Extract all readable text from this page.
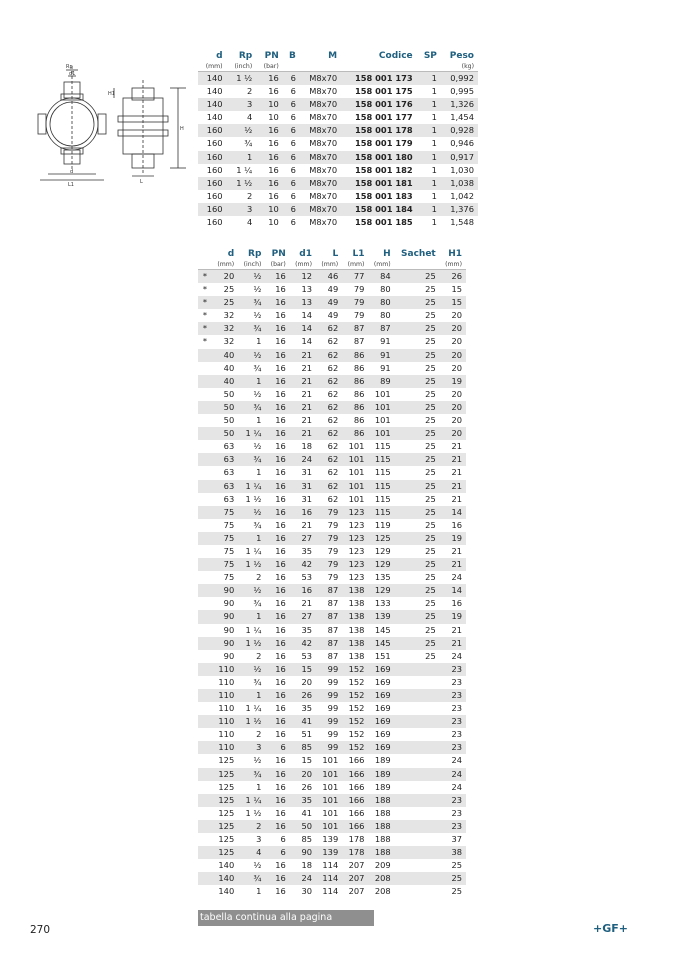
Rp
d1
H
d
L1	L
H1
d	Rp	PN	B	M	Codice	SP	Peso
(mm)	(inch)	(bar)					(kg)
140	1 ½	16	6	M8x70	158 001 173	1	0,992
140	2	16	6	M8x70	158 001 175	1	0,995
140	3	10	6	M8x70	158 001 176	1	1,326
140	4	10	6	M8x70	158 001 177	1	1,454
160	½	16	6	M8x70	158 001 178	1	0,928
160	¾	16	6	M8x70	158 001 179	1	0,946
160	1	16	6	M8x70	158 001 180	1	0,917
160	1 ¼	16	6	M8x70	158 001 182	1	1,030
160	1 ½	16	6	M8x70	158 001 181	1	1,038
160	2	16	6	M8x70	158 001 183	1	1,042
160	3	10	6	M8x70	158 001 184	1	1,376
160	4	10	6	M8x70	158 001 185	1	1,548
	d	Rp	PN	d1	L	L1	H	Sachet	H1
	(mm)	(inch)	(bar)	(mm)	(mm)	(mm)	(mm)		(mm)
*	20	½	16	12	46	77	84	25	26
*	25	½	16	13	49	79	80	25	15
*	25	¾	16	13	49	79	80	25	15
*	32	½	16	14	49	79	80	25	20
*	32	¾	16	14	62	87	87	25	20
*	32	1	16	14	62	87	91	25	20
	40	½	16	21	62	86	91	25	20
	40	¾	16	21	62	86	91	25	20
	40	1	16	21	62	86	89	25	19
	50	½	16	21	62	86	101	25	20
	50	¾	16	21	62	86	101	25	20
	50	1	16	21	62	86	101	25	20
	50	1 ¼	16	21	62	86	101	25	20
	63	½	16	18	62	101	115	25	21
	63	¾	16	24	62	101	115	25	21
	63	1	16	31	62	101	115	25	21
	63	1 ¼	16	31	62	101	115	25	21
	63	1 ½	16	31	62	101	115	25	21
	75	½	16	16	79	123	115	25	14
	75	¾	16	21	79	123	119	25	16
	75	1	16	27	79	123	125	25	19
	75	1 ¼	16	35	79	123	129	25	21
	75	1 ½	16	42	79	123	129	25	21
	75	2	16	53	79	123	135	25	24
	90	½	16	16	87	138	129	25	14
	90	¾	16	21	87	138	133	25	16
	90	1	16	27	87	138	139	25	19
	90	1 ¼	16	35	87	138	145	25	21
	90	1 ½	16	42	87	138	145	25	21
	90	2	16	53	87	138	151	25	24
	110	½	16	15	99	152	169		23
	110	¾	16	20	99	152	169		23
	110	1	16	26	99	152	169		23
	110	1 ¼	16	35	99	152	169		23
	110	1 ½	16	41	99	152	169		23
	110	2	16	51	99	152	169		23
	110	3	6	85	99	152	169		23
	125	½	16	15	101	166	189		24
	125	¾	16	20	101	166	189		24
	125	1	16	26	101	166	189		24
	125	1 ¼	16	35	101	166	188		23
	125	1 ½	16	41	101	166	188		23
	125	2	16	50	101	166	188		23
	125	3	6	85	139	178	188		37
	125	4	6	90	139	178	188		38
	140	½	16	18	114	207	209		25
	140	¾	16	24	114	207	208		25
	140	1	16	30	114	207	208		25
tabella continua alla pagina successiva
270	+GF+
